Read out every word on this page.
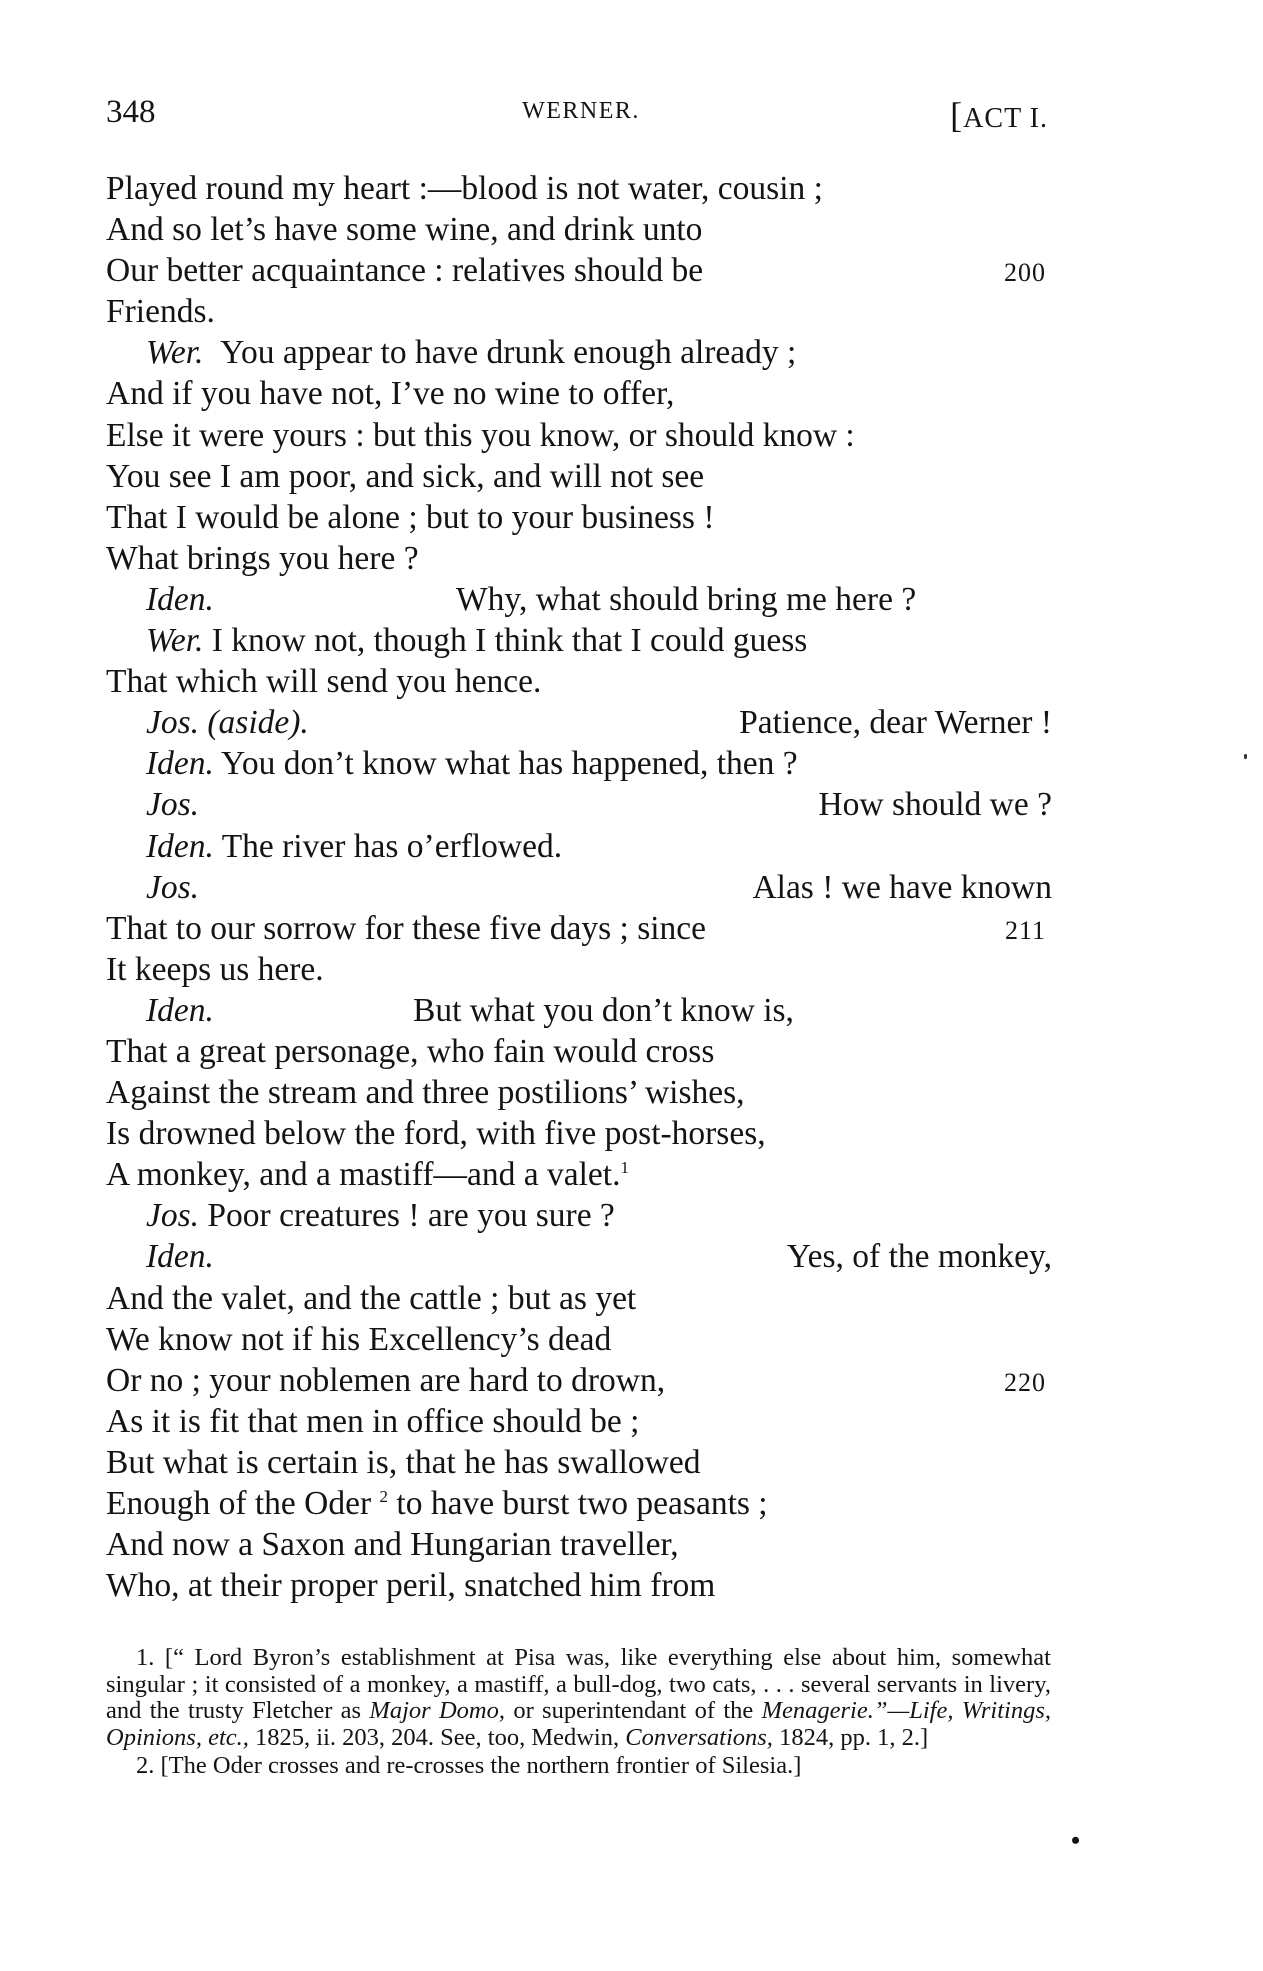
348	WERNER.	[ACT I.
Played round my heart :—blood is not water, cousin ;
And so let’s have some wine, and drink unto
Our better acquaintance : relatives should be	200
Friends.
Wer. You appear to have drunk enough already ;
And if you have not, I’ve no wine to offer,
Else it were yours : but this you know, or should know :
You see I am poor, and sick, and will not see
That I would be alone ; but to your business !
What brings you here ?
Iden.	Why, what should bring me here ?
Wer. I know not, though I think that I could guess
That which will send you hence.
Jos. (aside).	Patience, dear Werner !
Iden. You don’t know what has happened, then ?
Jos.	How should we ?
Iden. The river has o’erflowed.
Jos.	Alas ! we have known
That to our sorrow for these five days ; since	211
It keeps us here.
Iden.	But what you don’t know is,
That a great personage, who fain would cross
Against the stream and three postilions’ wishes,
Is drowned below the ford, with five post-horses,
A monkey, and a mastiff—and a valet.$^1$
Jos. Poor creatures ! are you sure ?
Iden.	Yes, of the monkey,
And the valet, and the cattle ; but as yet
We know not if his Excellency’s dead
Or no ; your noblemen are hard to drown,	220
As it is fit that men in office should be ;
But what is certain is, that he has swallowed
Enough of the Oder $^2$ to have burst two peasants ;
And now a Saxon and Hungarian traveller,
Who, at their proper peril, snatched him from

1. [“ Lord Byron’s establishment at Pisa was, like everything else about him, somewhat singular ; it consisted of a monkey, a mastiff, a bull-dog, two cats, . . . several servants in livery, and the trusty Fletcher as Major Domo, or superintendant of the Menagerie.”—Life, Writings, Opinions, etc., 1825, ii. 203, 204. See, too, Medwin, Conversations, 1824, pp. 1, 2.]

2. [The Oder crosses and re-crosses the northern frontier of Silesia.]

•
